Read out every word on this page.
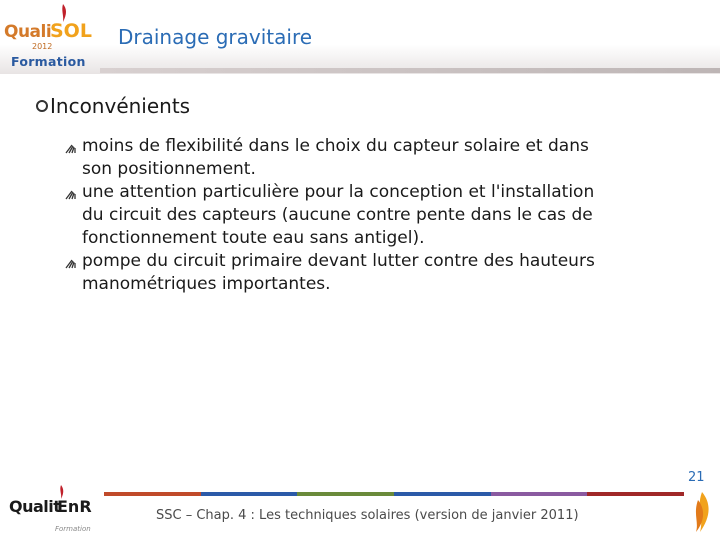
Quali
SOL
2012
Formation
Drainage gravitaire
Inconvénients
moins de flexibilité dans le choix du capteur solaire et dans
son positionnement.
une attention particulière pour la conception et l'installation
du circuit des capteurs (aucune contre pente dans le cas de
fonctionnement toute eau sans antigel).
pompe du circuit primaire devant lutter contre des hauteurs
manométriques importantes.
Qualit
EnR
Formation
SSC – Chap. 4 : Les techniques solaires (version de janvier 2011)
21
